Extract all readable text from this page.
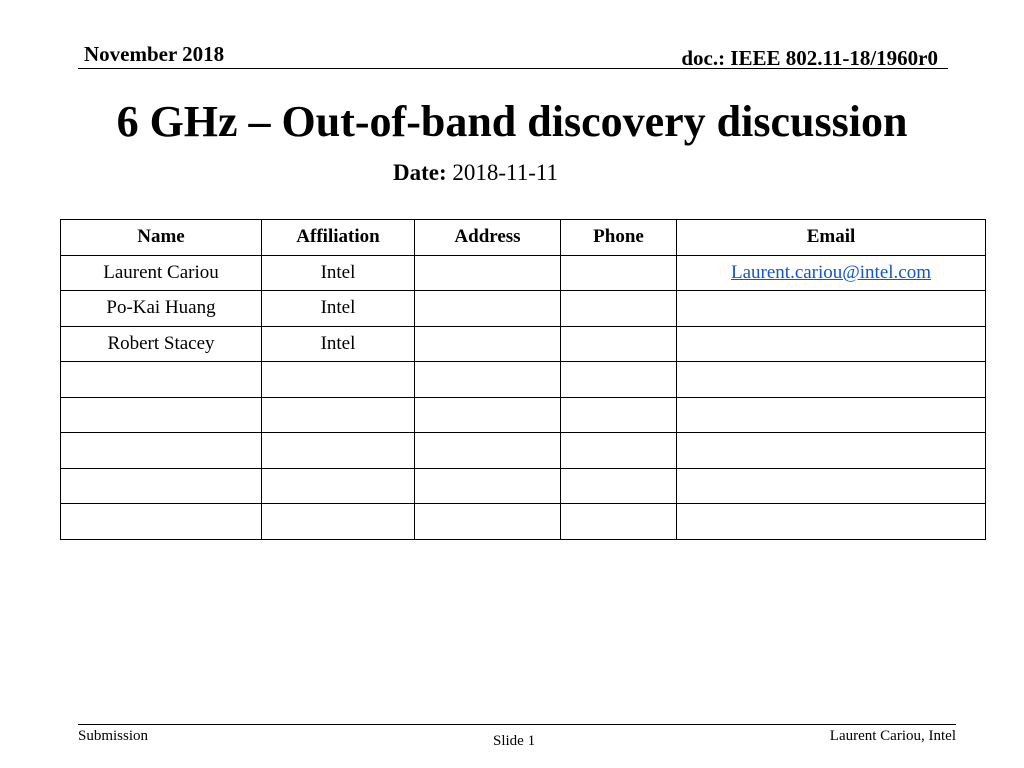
November 2018	doc.: IEEE 802.11-18/1960r0
6 GHz – Out-of-band discovery discussion
Date: 2018-11-11
Name	Affiliation	Address	Phone	Email
Laurent Cariou	Intel			Laurent.cariou@intel.com
Po-Kai Huang	Intel			
Robert Stacey	Intel			

Submission	Slide 1	Laurent Cariou, Intel
